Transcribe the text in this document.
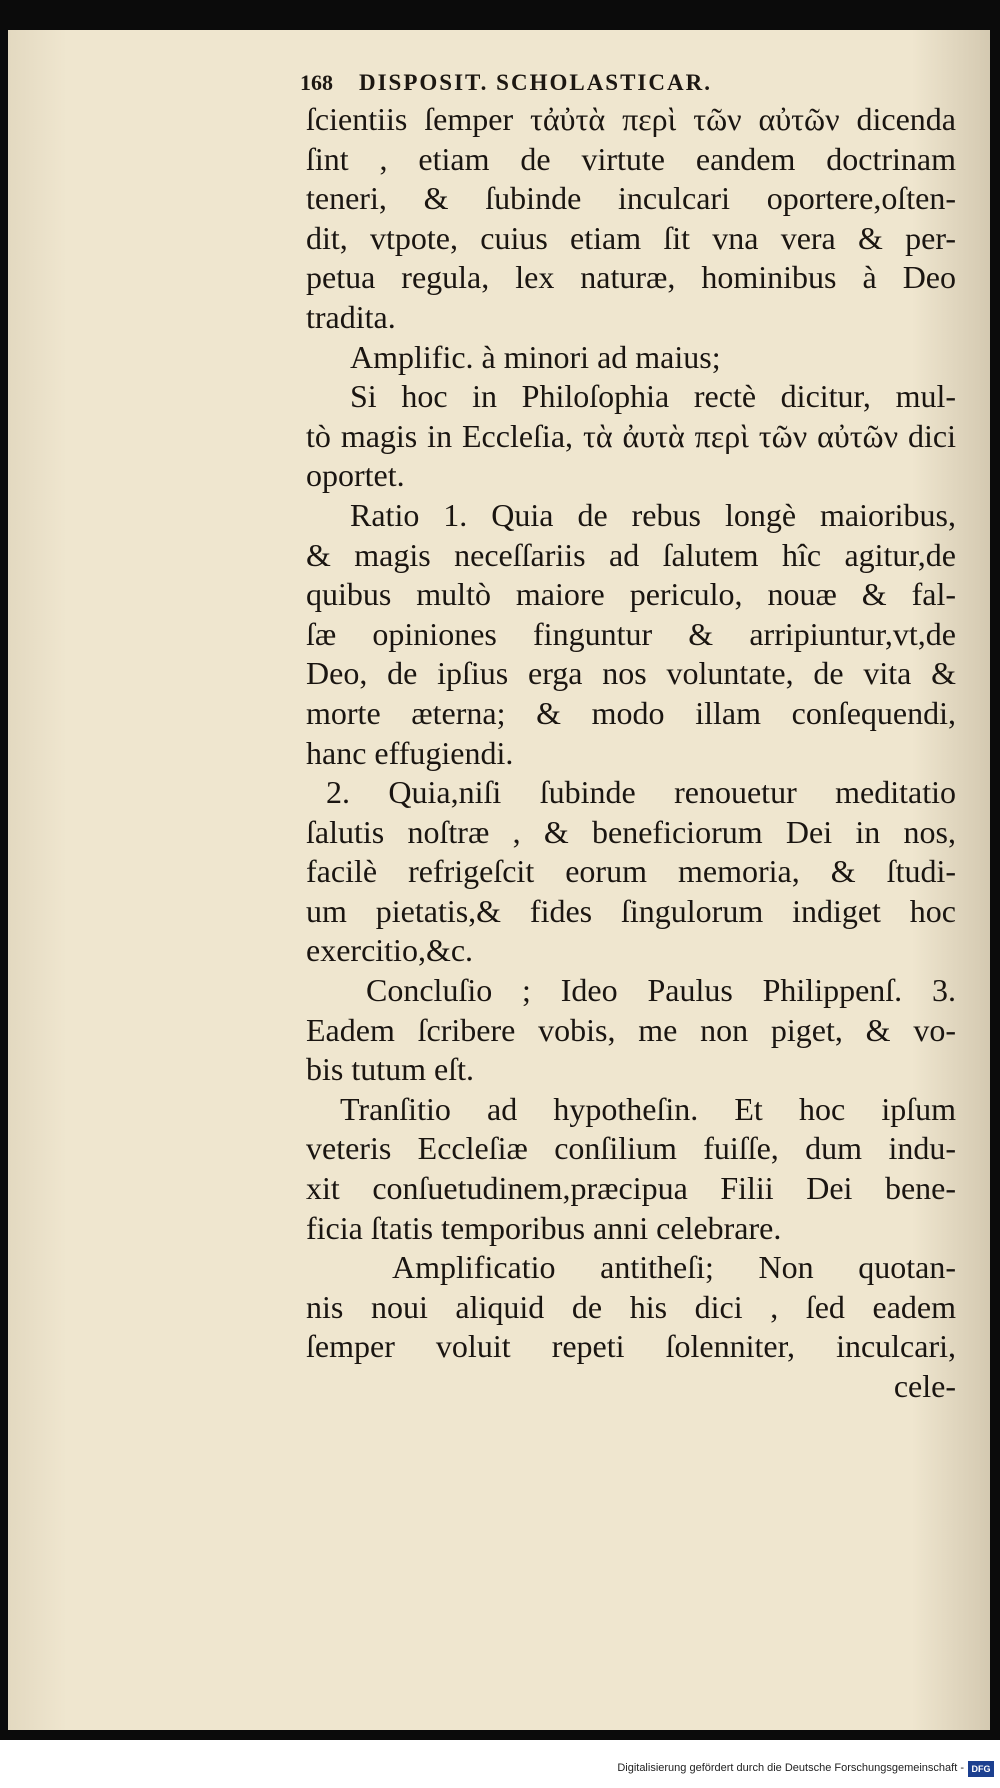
168 DISPOSIT. SCHOLASTICAR.
ſcientiis ſemper τἀὐτὰ περὶ τῶν αὐτῶν dicenda
ſint , etiam de virtute eandem doctrinam
teneri, & ſubinde inculcari oportere,oſten-
dit, vtpote, cuius etiam ſit vna vera & per-
petua regula, lex naturæ, hominibus à Deo
tradita.
Amplific. à minori ad maius;
Si hoc in Philoſophia rectè dicitur, mul-
tò magis in Eccleſia, τὰ ἀυτὰ περὶ τῶν αὐτῶν dici
oportet.
Ratio 1. Quia de rebus longè maioribus,
& magis neceſſariis ad ſalutem hîc agitur,de
quibus multò maiore periculo, nouæ & fal-
ſæ opiniones finguntur & arripiuntur,vt,de
Deo, de ipſius erga nos voluntate, de vita &
morte æterna; & modo illam conſequendi,
hanc effugiendi.
2. Quia,niſi ſubinde renouetur meditatio
ſalutis noſtræ , & beneficiorum Dei in nos,
facilè refrigeſcit eorum memoria, & ſtudi-
um pietatis,& fides ſingulorum indiget hoc
exercitio,&c.
Concluſio ; Ideo Paulus Philippenſ. 3.
Eadem ſcribere vobis, me non piget, & vo-
bis tutum eſt.
Tranſitio ad hypotheſin. Et hoc ipſum
veteris Eccleſiæ conſilium fuiſſe, dum indu-
xit conſuetudinem,præcipua Filii Dei bene-
ficia ſtatis temporibus anni celebrare.
Amplificatio antitheſi; Non quotan-
nis noui aliquid de his dici , ſed eadem
ſemper voluit repeti ſolenniter, inculcari,
cele-
Digitalisierung gefördert durch die Deutsche Forschungsgemeinschaft - DFG
